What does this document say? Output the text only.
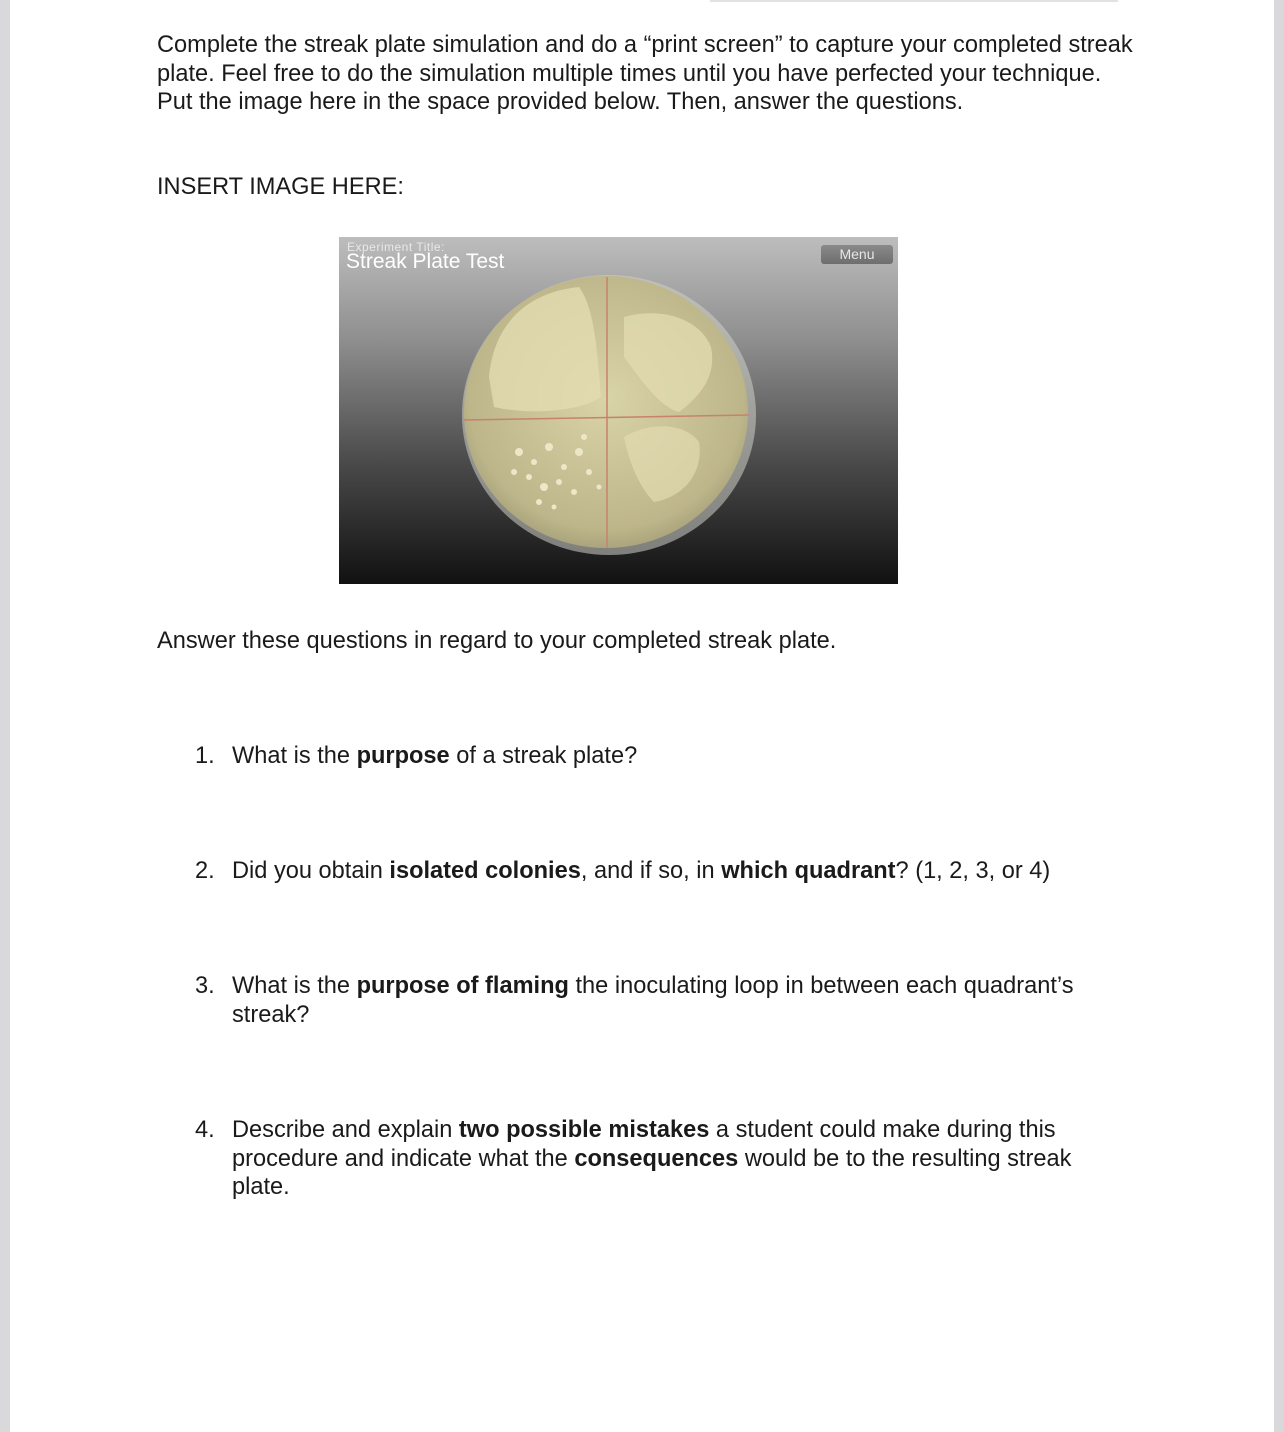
Complete the streak plate simulation and do a “print screen” to capture your completed streak plate. Feel free to do the simulation multiple times until you have perfected your technique. Put the image here in the space provided below. Then, answer the questions.

INSERT IMAGE HERE:

Experiment Title:
Streak Plate Test	Menu

Answer these questions in regard to your completed streak plate.

1. What is the purpose of a streak plate?
2. Did you obtain isolated colonies, and if so, in which quadrant? (1, 2, 3, or 4)
3. What is the purpose of flaming the inoculating loop in between each quadrant’s streak?
4. Describe and explain two possible mistakes a student could make during this procedure and indicate what the consequences would be to the resulting streak plate.
